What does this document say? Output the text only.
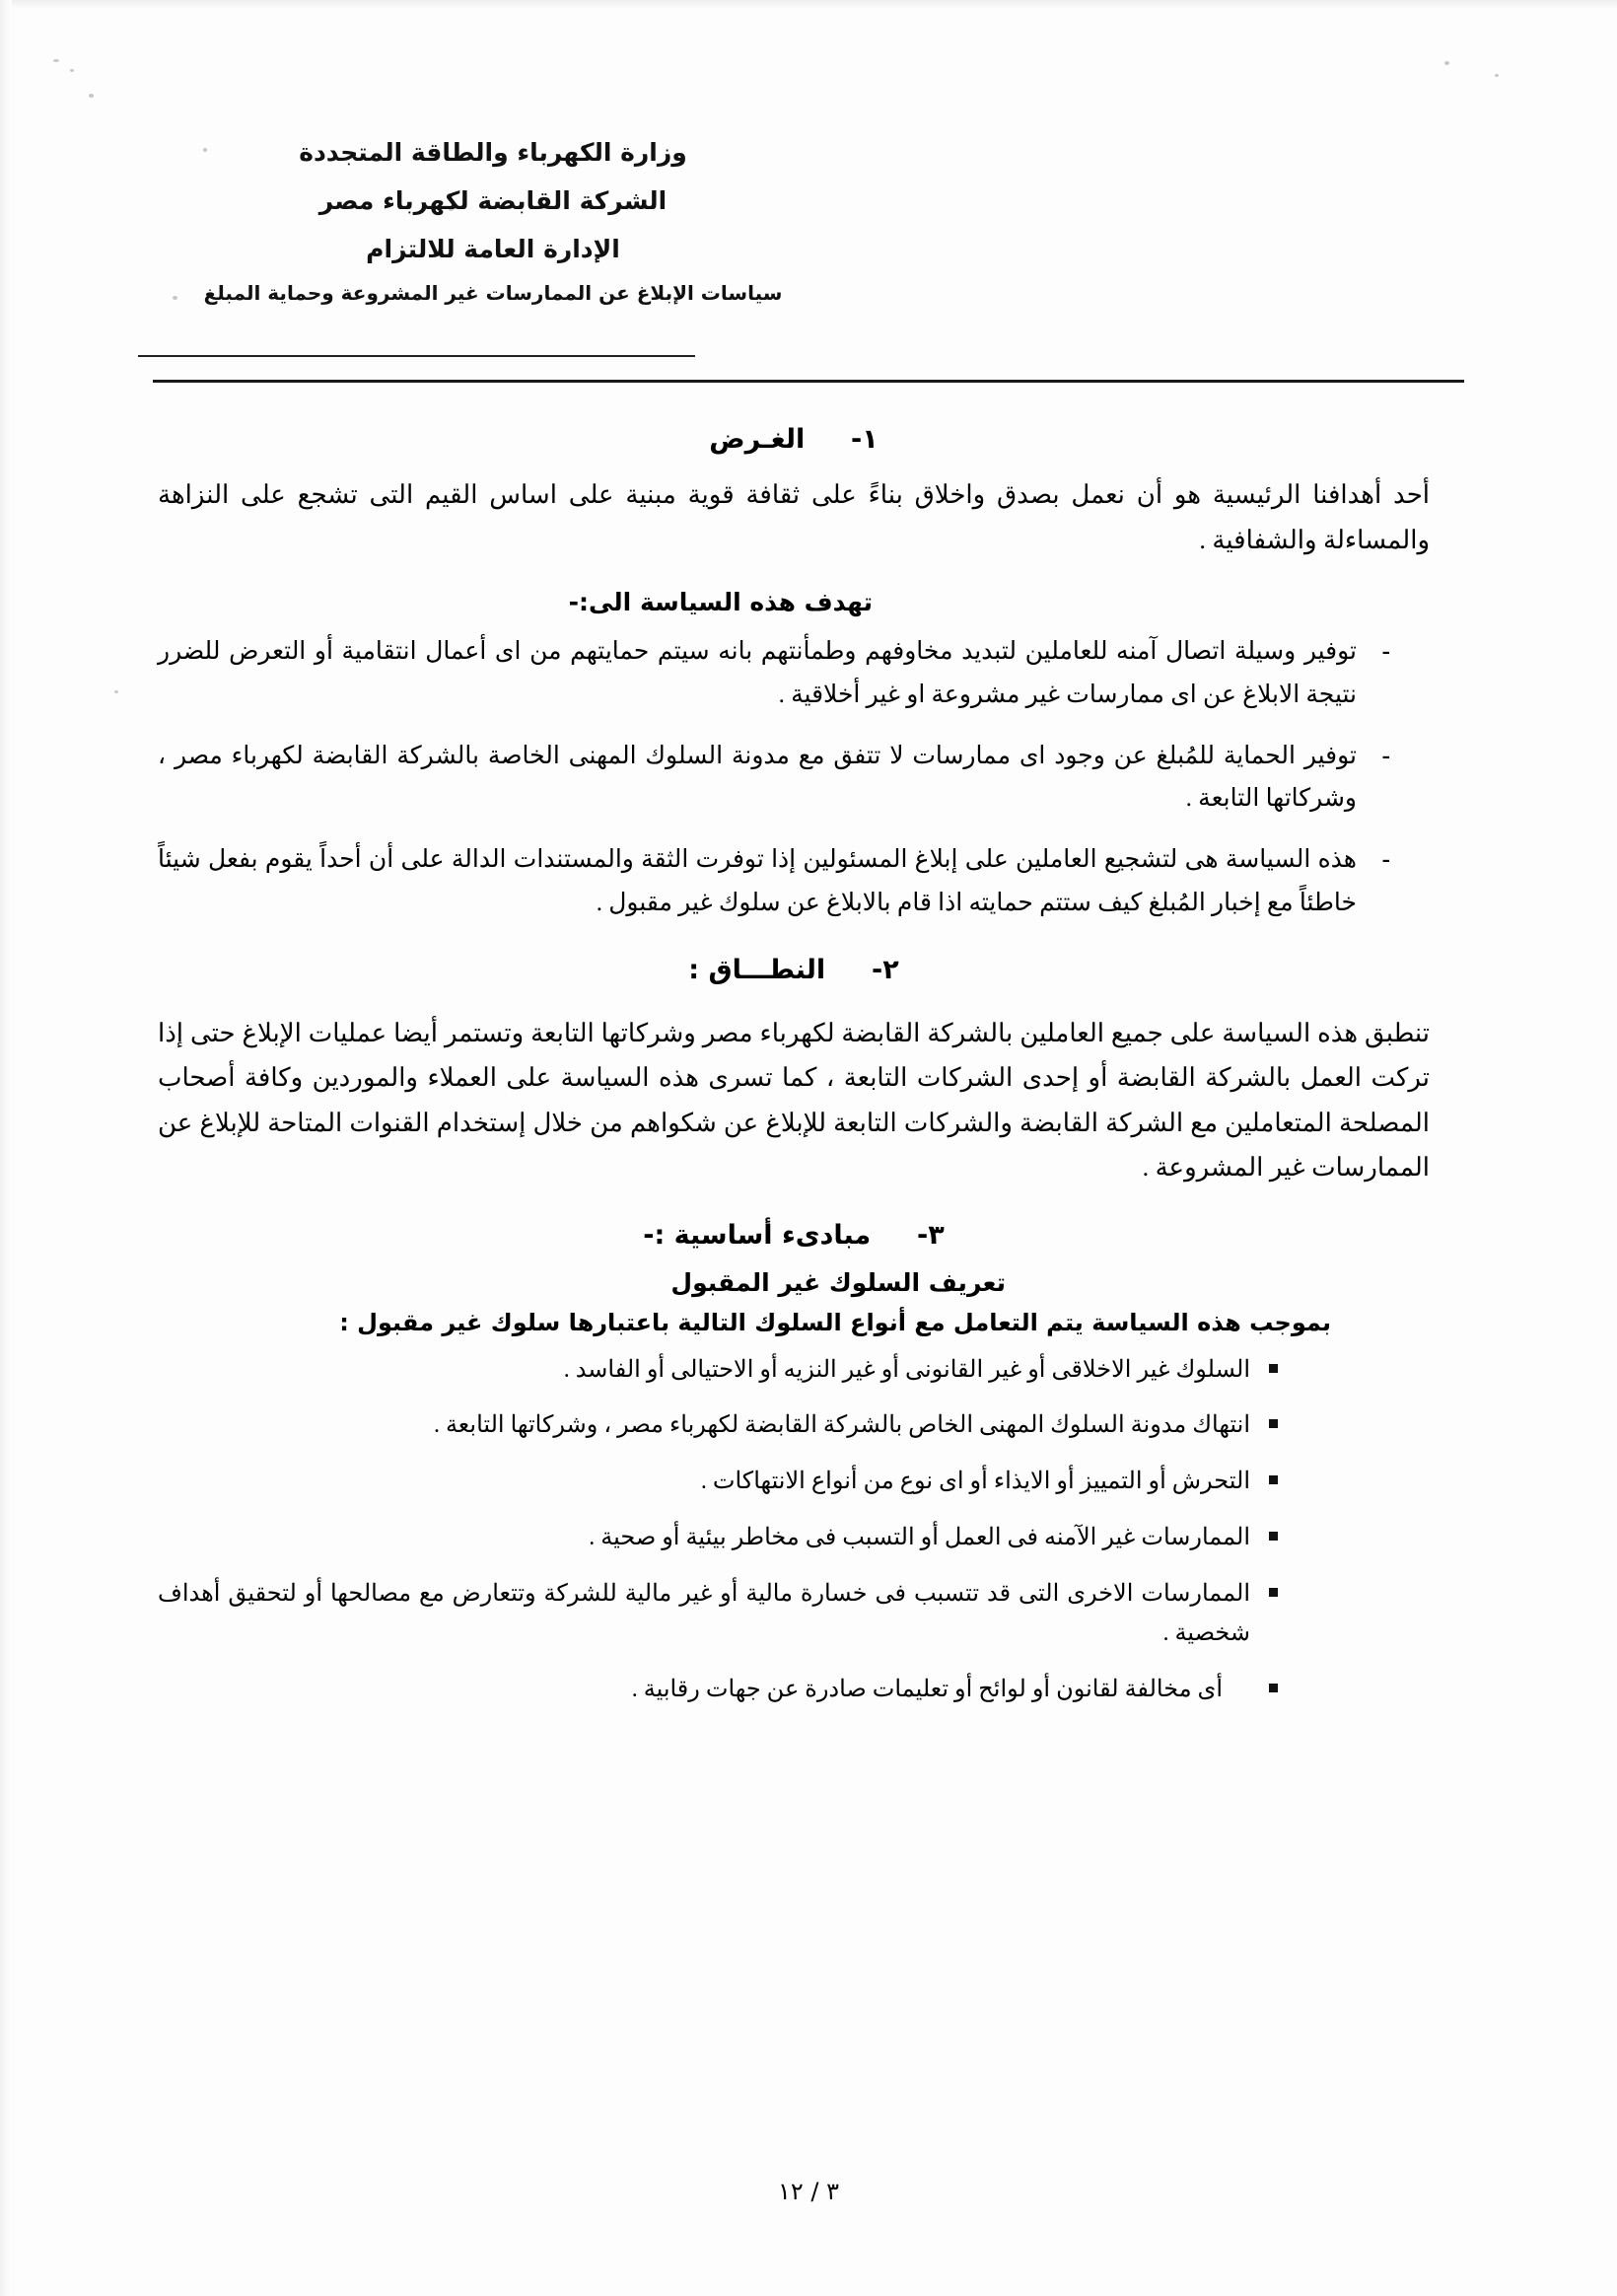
وزارة الكهرباء والطاقة المتجددة
الشركة القابضة لكهرباء مصر
الإدارة العامة للالتزام
سياسات الإبلاغ عن الممارسات غير المشروعة وحماية المبلغ
١-  الغـرض

أحد أهدافنا الرئيسية هو أن نعمل بصدق واخلاق بناءً على ثقافة قوية مبنية على اساس القيم التى تشجع على النزاهة والمساءلة والشفافية .

تهدف هذه السياسة الى:-
- توفير وسيلة اتصال آمنه للعاملين لتبديد مخاوفهم وطمأنتهم بانه سيتم حمايتهم من اى أعمال انتقامية أو التعرض للضرر نتيجة الابلاغ عن اى ممارسات غير مشروعة او غير أخلاقية .
- توفير الحماية للمُبلغ عن وجود اى ممارسات لا تتفق مع مدونة السلوك المهنى الخاصة بالشركة القابضة لكهرباء مصر ، وشركاتها التابعة .
- هذه السياسة هى لتشجيع العاملين على إبلاغ المسئولين إذا توفرت الثقة والمستندات الدالة على أن أحداً يقوم بفعل شيئاً خاطئاً مع إخبار المُبلغ كيف ستتم حمايته اذا قام بالابلاغ عن سلوك غير مقبول .
٢-  النطـــاق :

تنطبق هذه السياسة على جميع العاملين بالشركة القابضة لكهرباء مصر وشركاتها التابعة وتستمر أيضا عمليات الإبلاغ حتى إذا تركت العمل بالشركة القابضة أو إحدى الشركات التابعة ، كما تسرى هذه السياسة على العملاء والموردين وكافة أصحاب المصلحة المتعاملين مع الشركة القابضة والشركات التابعة للإبلاغ عن شكواهم من خلال إستخدام القنوات المتاحة للإبلاغ عن الممارسات غير المشروعة .

٣-  مبادىء أساسية :-
تعريف السلوك غير المقبول
بموجب هذه السياسة يتم التعامل مع أنواع السلوك التالية باعتبارها سلوك غير مقبول :
السلوك غير الاخلاقى أو غير القانونى أو غير النزيه أو الاحتيالى أو الفاسد .
انتهاك مدونة السلوك المهنى الخاص بالشركة القابضة لكهرباء مصر ، وشركاتها التابعة .
التحرش أو التمييز أو الايذاء أو اى نوع من أنواع الانتهاكات .
الممارسات غير الآمنه فى العمل أو التسبب فى مخاطر بيئية أو صحية .
الممارسات الاخرى التى قد تتسبب فى خسارة مالية أو غير مالية للشركة وتتعارض مع مصالحها أو لتحقيق أهداف شخصية .
أى مخالفة لقانون أو لوائح أو تعليمات صادرة عن جهات رقابية .
٣ / ١٢
